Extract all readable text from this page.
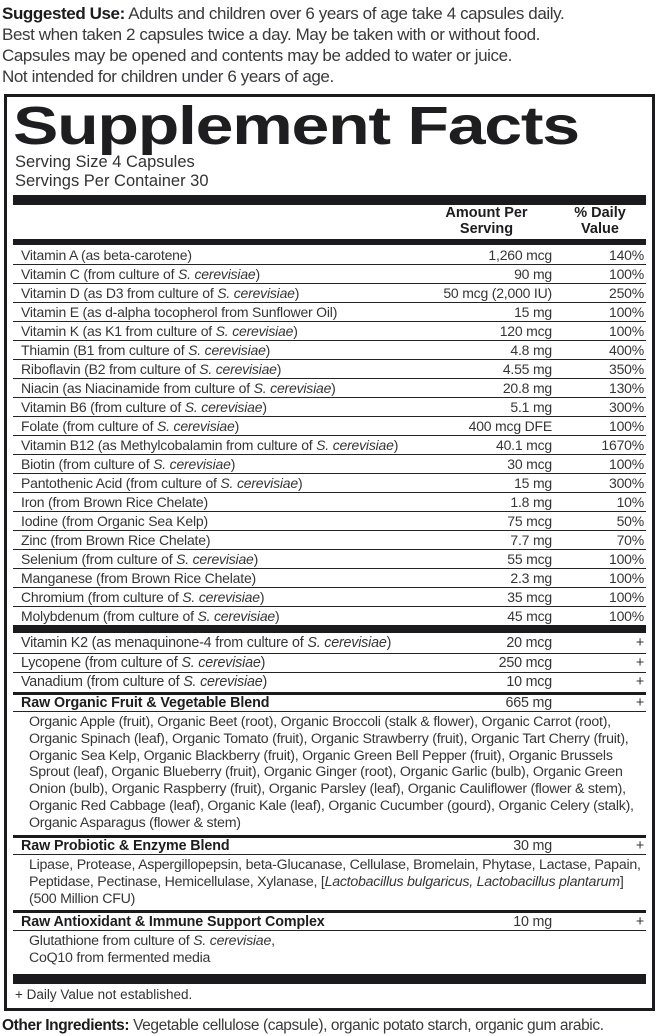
Suggested Use: Adults and children over 6 years of age take 4 capsules daily.
Best when taken 2 capsules twice a day. May be taken with or without food.
Capsules may be opened and contents may be added to water or juice.
Not intended for children under 6 years of age.

Supplement Facts
Serving Size 4 Capsules
Servings Per Container 30
Amount Per
Serving
% Daily
Value
Vitamin A (as beta-carotene)	1,260 mcg	140%
Vitamin C (from culture of S. cerevisiae)	90 mg	100%
Vitamin D (as D3 from culture of S. cerevisiae)	50 mcg (2,000 IU)	250%
Vitamin E (as d-alpha tocopherol from Sunflower Oil)	15 mg	100%
Vitamin K (as K1 from culture of S. cerevisiae)	120 mcg	100%
Thiamin (B1 from culture of S. cerevisiae)	4.8 mg	400%
Riboflavin (B2 from culture of S. cerevisiae)	4.55 mg	350%
Niacin (as Niacinamide from culture of S. cerevisiae)	20.8 mg	130%
Vitamin B6 (from culture of S. cerevisiae)	5.1 mg	300%
Folate (from culture of S. cerevisiae)	400 mcg DFE	100%
Vitamin B12 (as Methylcobalamin from culture of S. cerevisiae)	40.1 mcg	1670%
Biotin (from culture of S. cerevisiae)	30 mcg	100%
Pantothenic Acid (from culture of S. cerevisiae)	15 mg	300%
Iron (from Brown Rice Chelate)	1.8 mg	10%
Iodine (from Organic Sea Kelp)	75 mcg	50%
Zinc (from Brown Rice Chelate)	7.7 mg	70%
Selenium (from culture of S. cerevisiae)	55 mcg	100%
Manganese (from Brown Rice Chelate)	2.3 mg	100%
Chromium (from culture of S. cerevisiae)	35 mcg	100%
Molybdenum (from culture of S. cerevisiae)	45 mcg	100%
Vitamin K2 (as menaquinone-4 from culture of S. cerevisiae)	20 mcg	+
Lycopene (from culture of S. cerevisiae)	250 mcg	+
Vanadium (from culture of S. cerevisiae)	10 mcg	+
Raw Organic Fruit & Vegetable Blend	665 mg	+
Organic Apple (fruit), Organic Beet (root), Organic Broccoli (stalk & flower), Organic Carrot (root), Organic Spinach (leaf), Organic Tomato (fruit), Organic Strawberry (fruit), Organic Tart Cherry (fruit), Organic Sea Kelp, Organic Blackberry (fruit), Organic Green Bell Pepper (fruit), Organic Brussels Sprout (leaf), Organic Blueberry (fruit), Organic Ginger (root), Organic Garlic (bulb), Organic Green Onion (bulb), Organic Raspberry (fruit), Organic Parsley (leaf), Organic Cauliflower (flower & stem), Organic Red Cabbage (leaf), Organic Kale (leaf), Organic Cucumber (gourd), Organic Celery (stalk), Organic Asparagus (flower & stem)
Raw Probiotic & Enzyme Blend	30 mg	+
Lipase, Protease, Aspergillopepsin, beta-Glucanase, Cellulase, Bromelain, Phytase, Lactase, Papain, Peptidase, Pectinase, Hemicellulase, Xylanase, [Lactobacillus bulgaricus, Lactobacillus plantarum] (500 Million CFU)
Raw Antioxidant & Immune Support Complex	10 mg	+
Glutathione from culture of S. cerevisiae,
CoQ10 from fermented media
+ Daily Value not established.

Other Ingredients: Vegetable cellulose (capsule), organic potato starch, organic gum arabic.
